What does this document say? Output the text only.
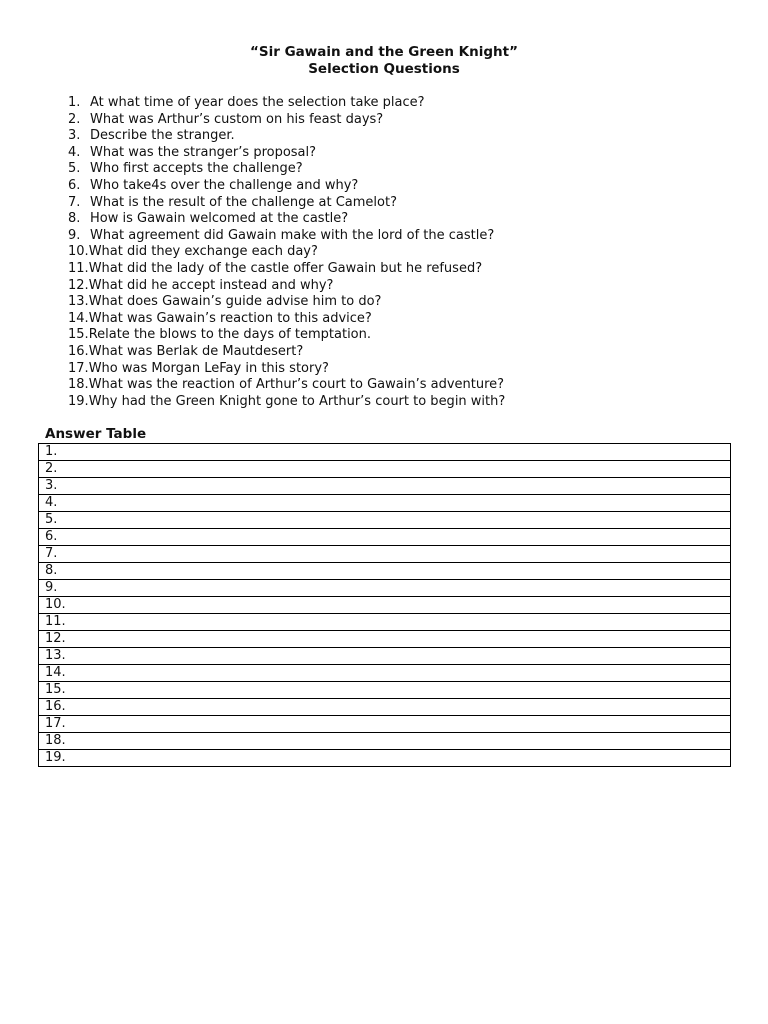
“Sir Gawain and the Green Knight”
Selection Questions
1. At what time of year does the selection take place?
2. What was Arthur’s custom on his feast days?
3. Describe the stranger.
4. What was the stranger’s proposal?
5. Who first accepts the challenge?
6. Who take4s over the challenge and why?
7. What is the result of the challenge at Camelot?
8. How is Gawain welcomed at the castle?
9. What agreement did Gawain make with the lord of the castle?
10. What did they exchange each day?
11. What did the lady of the castle offer Gawain but he refused?
12. What did he accept instead and why?
13. What does Gawain’s guide advise him to do?
14. What was Gawain’s reaction to this advice?
15. Relate the blows to the days of temptation.
16. What was Berlak de Mautdesert?
17. Who was Morgan LeFay in this story?
18. What was the reaction of Arthur’s court to Gawain’s adventure?
19. Why had the Green Knight gone to Arthur’s court to begin with?
Answer Table
1.
2.
3.
4.
5.
6.
7.
8.
9.
10.
11.
12.
13.
14.
15.
16.
17.
18.
19.
